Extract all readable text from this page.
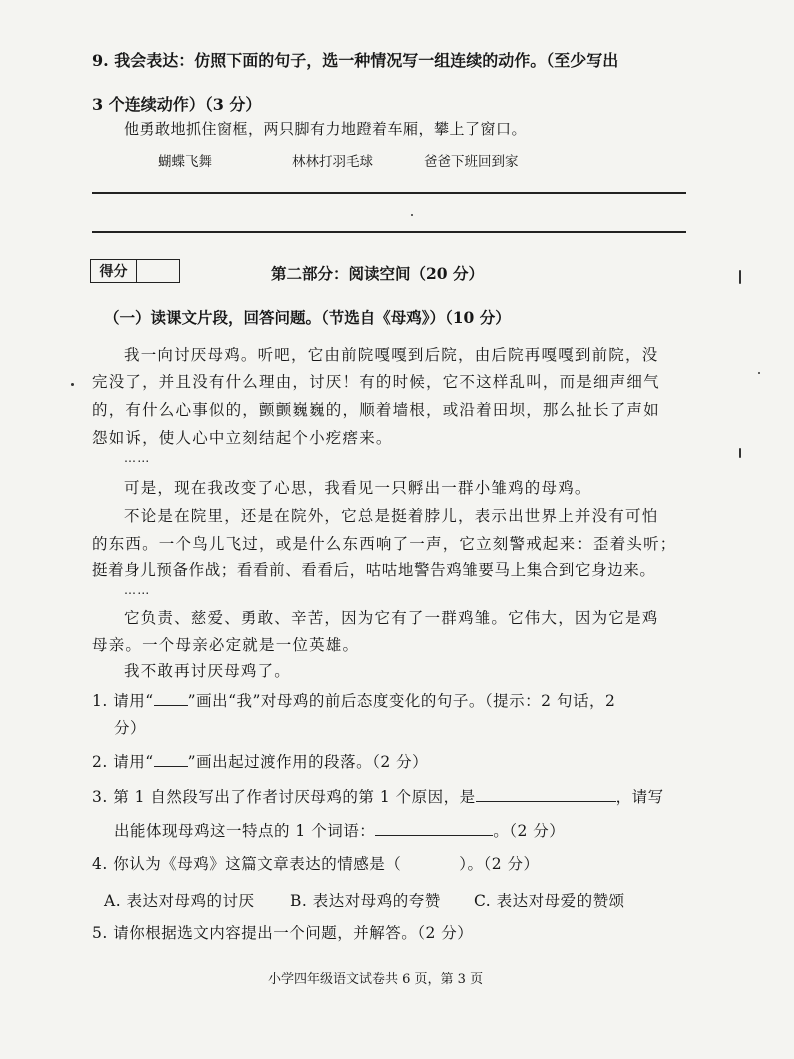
9. 我会表达：仿照下面的句子，选一种情况写一组连续的动作。（至少写出
3 个连续动作）（3 分）
他勇敢地抓住窗框，两只脚有力地蹬着车厢，攀上了窗口。
蝴蝶飞舞	林林打羽毛球	爸爸下班回到家
得分	第二部分：阅读空间（20 分）
（一）读课文片段，回答问题。（节选自《母鸡》）（10 分）
我一向讨厌母鸡。听吧，它由前院嘎嘎到后院，由后院再嘎嘎到前院，没
完没了，并且没有什么理由，讨厌！有的时候，它不这样乱叫，而是细声细气
的，有什么心事似的，颤颤巍巍的，顺着墙根，或沿着田坝，那么扯长了声如
怨如诉，使人心中立刻结起个小疙瘩来。
……
可是，现在我改变了心思，我看见一只孵出一群小雏鸡的母鸡。
不论是在院里，还是在院外，它总是挺着脖儿，表示出世界上并没有可怕
的东西。一个鸟儿飞过，或是什么东西响了一声，它立刻警戒起来：歪着头听；
挺着身儿预备作战；看看前、看看后，咕咕地警告鸡雏要马上集合到它身边来。
……
它负责、慈爱、勇敢、辛苦，因为它有了一群鸡雏。它伟大，因为它是鸡
母亲。一个母亲必定就是一位英雄。
我不敢再讨厌母鸡了。
1. 请用“ ”画出“我”对母鸡的前后态度变化的句子。（提示：2 句话，2
分）
2. 请用“ ”画出起过渡作用的段落。（2 分）
3. 第 1 自然段写出了作者讨厌母鸡的第 1 个原因，是	，请写
出能体现母鸡这一特点的 1 个词语：	。（2 分）
4. 你认为《母鸡》这篇文章表达的情感是（	）。（2 分）
A. 表达对母鸡的讨厌 B. 表达对母鸡的夸赞 C. 表达对母爱的赞颂
5. 请你根据选文内容提出一个问题，并解答。（2 分）
小学四年级语文试卷共 6 页，第 3 页
